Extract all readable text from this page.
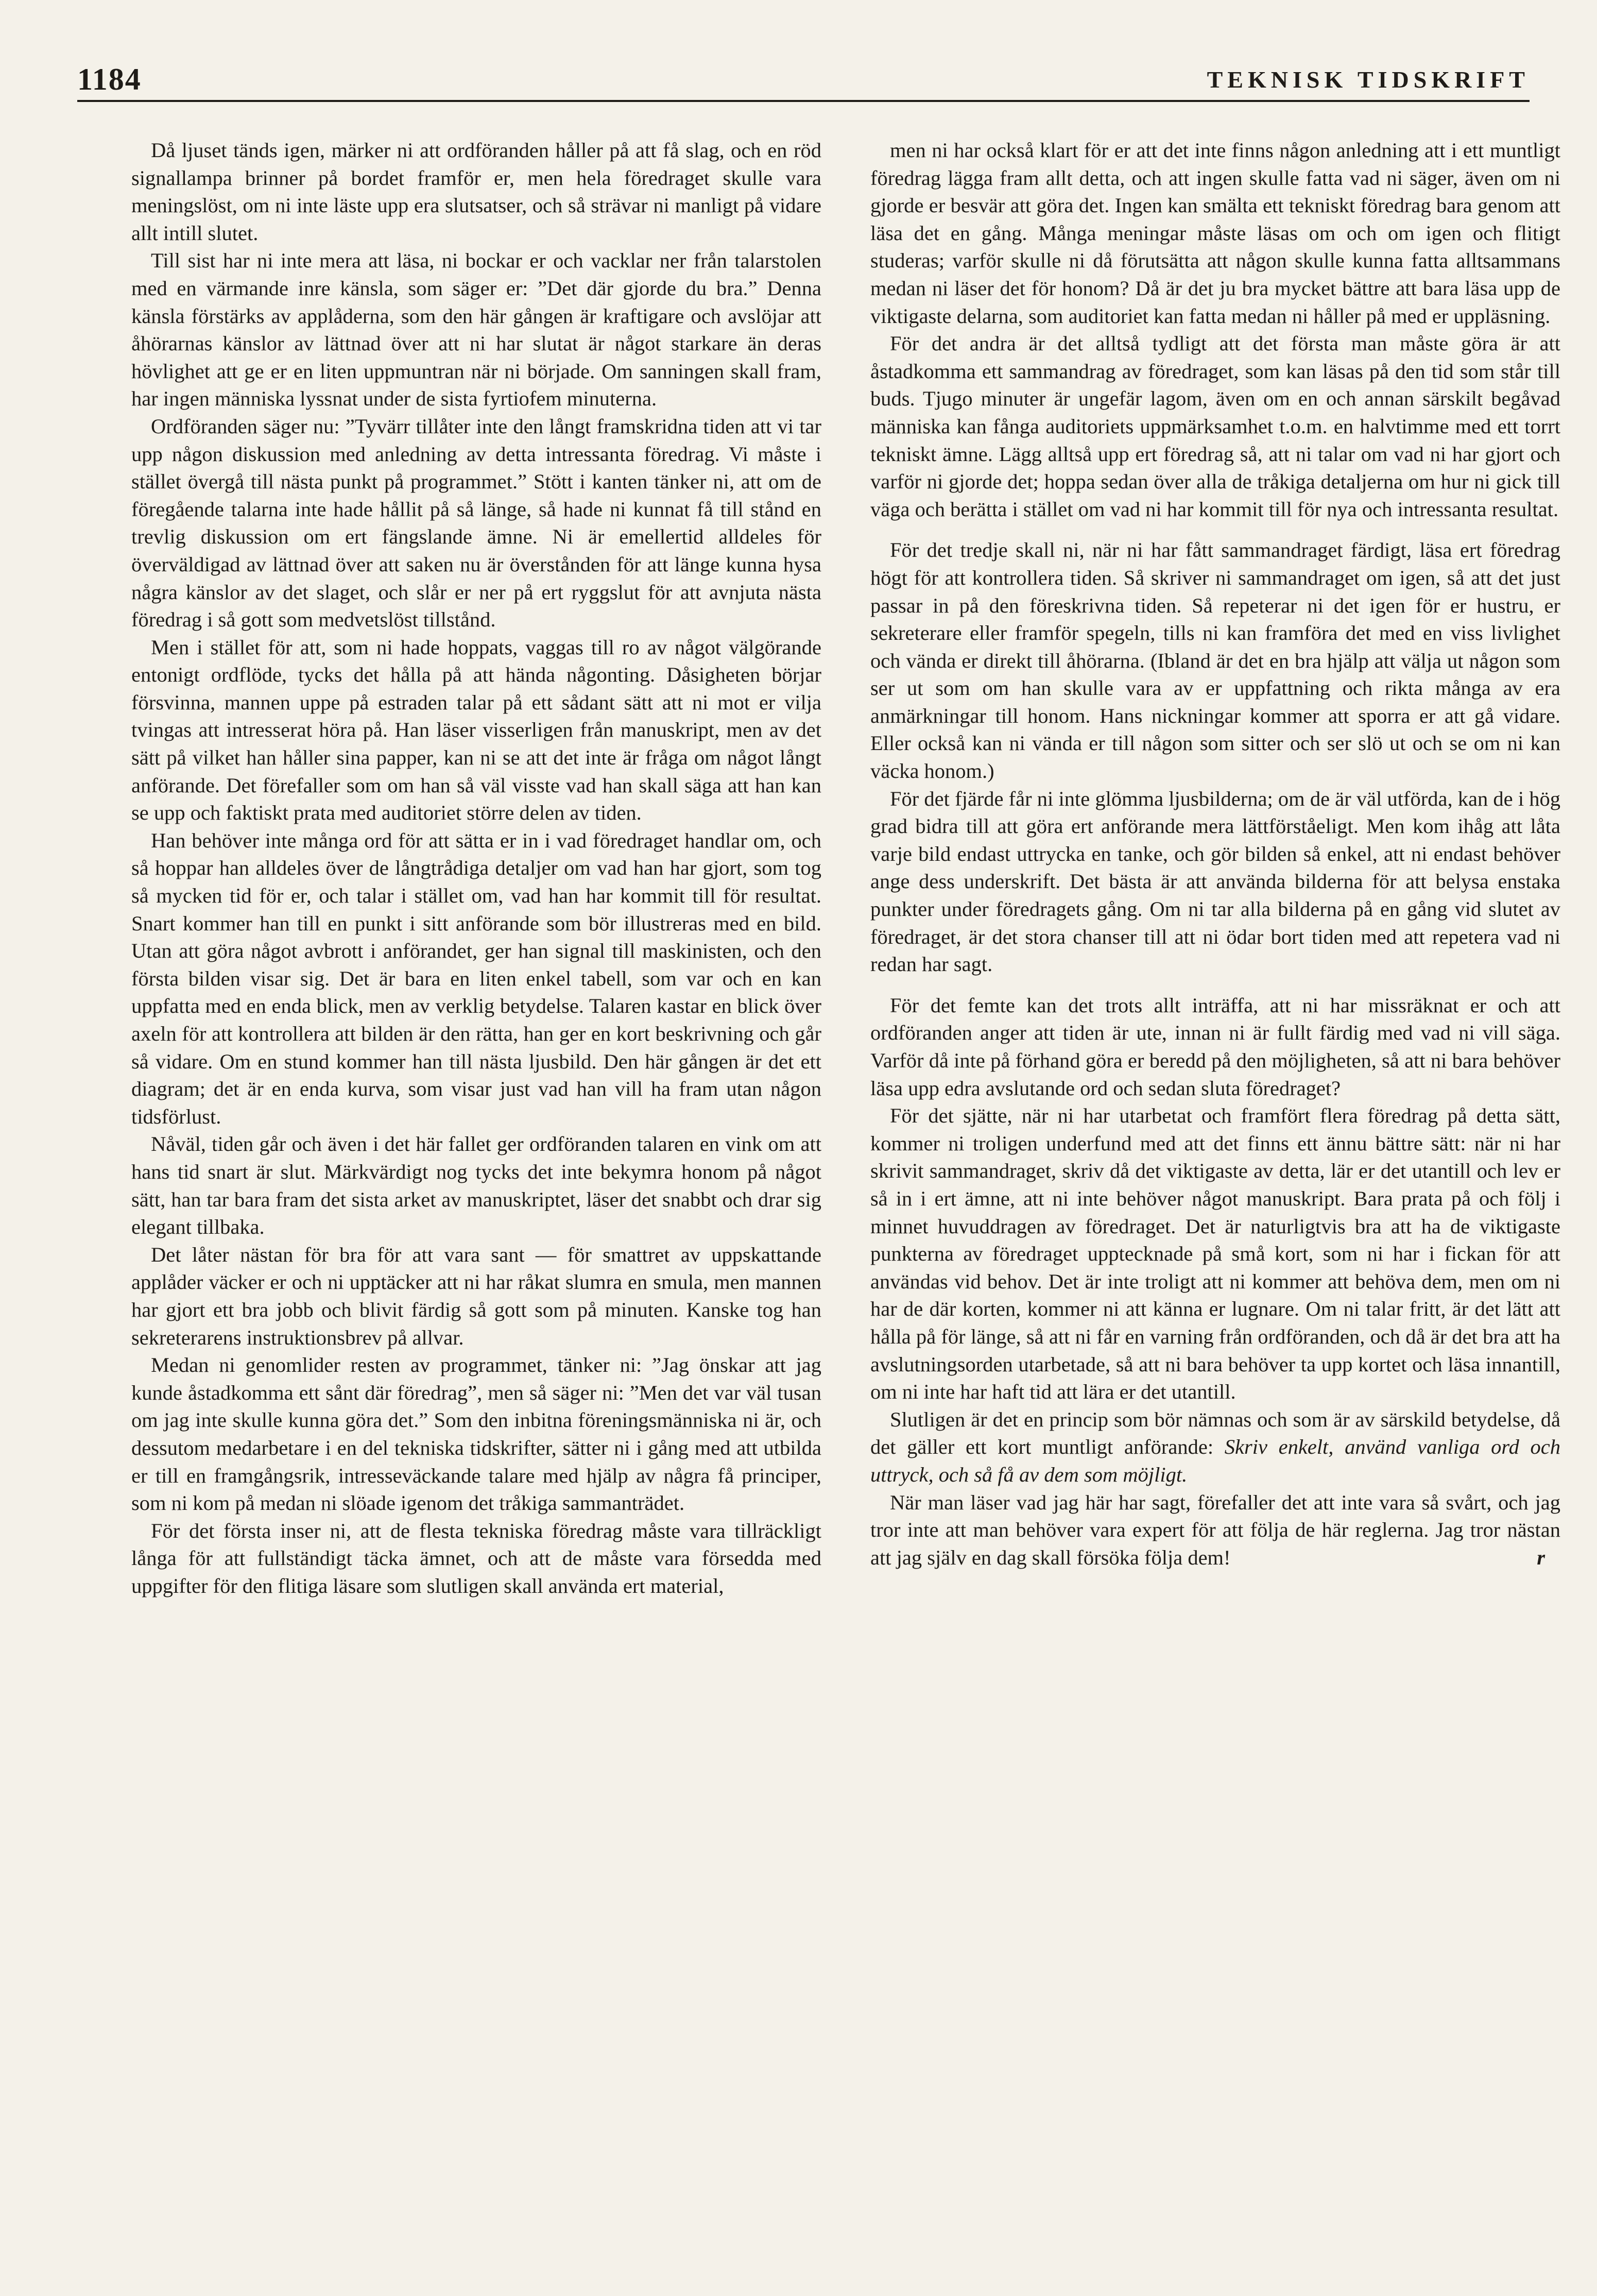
1184	TEKNISK TIDSKRIFT

Då ljuset tänds igen, märker ni att ordföranden håller på att få slag, och en röd signallampa brinner på bordet framför er, men hela föredraget skulle vara meningslöst, om ni inte läste upp era slutsatser, och så strävar ni manligt på vidare allt intill slutet.

Till sist har ni inte mera att läsa, ni bockar er och vacklar ner från talarstolen med en värmande inre känsla, som säger er: ”Det där gjorde du bra.” Denna känsla förstärks av applåderna, som den här gången är kraftigare och avslöjar att åhörarnas känslor av lättnad över att ni har slutat är något starkare än deras hövlighet att ge er en liten uppmuntran när ni började. Om sanningen skall fram, har ingen människa lyssnat under de sista fyrtiofem minuterna.

Ordföranden säger nu: ”Tyvärr tillåter inte den långt framskridna tiden att vi tar upp någon diskussion med anledning av detta intressanta föredrag. Vi måste i stället övergå till nästa punkt på programmet.” Stött i kanten tänker ni, att om de föregående talarna inte hade hållit på så länge, så hade ni kunnat få till stånd en trevlig diskussion om ert fängslande ämne. Ni är emellertid alldeles för överväldigad av lättnad över att saken nu är överstånden för att länge kunna hysa några känslor av det slaget, och slår er ner på ert ryggslut för att avnjuta nästa föredrag i så gott som medvetslöst tillstånd.

Men i stället för att, som ni hade hoppats, vaggas till ro av något välgörande entonigt ordflöde, tycks det hålla på att hända någonting. Dåsigheten börjar försvinna, mannen uppe på estraden talar på ett sådant sätt att ni mot er vilja tvingas att intresserat höra på. Han läser visserligen från manuskript, men av det sätt på vilket han håller sina papper, kan ni se att det inte är fråga om något långt anförande. Det förefaller som om han så väl visste vad han skall säga att han kan se upp och faktiskt prata med auditoriet större delen av tiden.

Han behöver inte många ord för att sätta er in i vad föredraget handlar om, och så hoppar han alldeles över de långtrådiga detaljer om vad han har gjort, som tog så mycken tid för er, och talar i stället om, vad han har kommit till för resultat. Snart kommer han till en punkt i sitt anförande som bör illustreras med en bild. Utan att göra något avbrott i anförandet, ger han signal till maskinisten, och den första bilden visar sig. Det är bara en liten enkel tabell, som var och en kan uppfatta med en enda blick, men av verklig betydelse. Talaren kastar en blick över axeln för att kontrollera att bilden är den rätta, han ger en kort beskrivning och går så vidare. Om en stund kommer han till nästa ljusbild. Den här gången är det ett diagram; det är en enda kurva, som visar just vad han vill ha fram utan någon tidsförlust.

Nåväl, tiden går och även i det här fallet ger ordföranden talaren en vink om att hans tid snart är slut. Märkvärdigt nog tycks det inte bekymra honom på något sätt, han tar bara fram det sista arket av manuskriptet, läser det snabbt och drar sig elegant tillbaka.

Det låter nästan för bra för att vara sant — för smattret av uppskattande applåder väcker er och ni upptäcker att ni har råkat slumra en smula, men mannen har gjort ett bra jobb och blivit färdig så gott som på minuten. Kanske tog han sekreterarens instruktionsbrev på allvar.

Medan ni genomlider resten av programmet, tänker ni: ”Jag önskar att jag kunde åstadkomma ett sånt där föredrag”, men så säger ni: ”Men det var väl tusan om jag inte skulle kunna göra det.” Som den inbitna föreningsmänniska ni är, och dessutom medarbetare i en del tekniska tidskrifter, sätter ni i gång med att utbilda er till en framgångsrik, intresseväckande talare med hjälp av några få principer, som ni kom på medan ni slöade igenom det tråkiga sammanträdet.

För det första inser ni, att de flesta tekniska föredrag måste vara tillräckligt långa för att fullständigt täcka ämnet, och att de måste vara försedda med uppgifter för den flitiga läsare som slutligen skall använda ert material,

men ni har också klart för er att det inte finns någon anledning att i ett muntligt föredrag lägga fram allt detta, och att ingen skulle fatta vad ni säger, även om ni gjorde er besvär att göra det. Ingen kan smälta ett tekniskt föredrag bara genom att läsa det en gång. Många meningar måste läsas om och om igen och flitigt studeras; varför skulle ni då förutsätta att någon skulle kunna fatta alltsammans medan ni läser det för honom? Då är det ju bra mycket bättre att bara läsa upp de viktigaste delarna, som auditoriet kan fatta medan ni håller på med er uppläsning.

För det andra är det alltså tydligt att det första man måste göra är att åstadkomma ett sammandrag av föredraget, som kan läsas på den tid som står till buds. Tjugo minuter är ungefär lagom, även om en och annan särskilt begåvad människa kan fånga auditoriets uppmärksamhet t.o.m. en halvtimme med ett torrt tekniskt ämne. Lägg alltså upp ert föredrag så, att ni talar om vad ni har gjort och varför ni gjorde det; hoppa sedan över alla de tråkiga detaljerna om hur ni gick till väga och berätta i stället om vad ni har kommit till för nya och intressanta resultat.

För det tredje skall ni, när ni har fått sammandraget färdigt, läsa ert föredrag högt för att kontrollera tiden. Så skriver ni sammandraget om igen, så att det just passar in på den föreskrivna tiden. Så repeterar ni det igen för er hustru, er sekreterare eller framför spegeln, tills ni kan framföra det med en viss livlighet och vända er direkt till åhörarna. (Ibland är det en bra hjälp att välja ut någon som ser ut som om han skulle vara av er uppfattning och rikta många av era anmärkningar till honom. Hans nickningar kommer att sporra er att gå vidare. Eller också kan ni vända er till någon som sitter och ser slö ut och se om ni kan väcka honom.)

För det fjärde får ni inte glömma ljusbilderna; om de är väl utförda, kan de i hög grad bidra till att göra ert anförande mera lättförståeligt. Men kom ihåg att låta varje bild endast uttrycka en tanke, och gör bilden så enkel, att ni endast behöver ange dess underskrift. Det bästa är att använda bilderna för att belysa enstaka punkter under föredragets gång. Om ni tar alla bilderna på en gång vid slutet av föredraget, är det stora chanser till att ni ödar bort tiden med att repetera vad ni redan har sagt.

För det femte kan det trots allt inträffa, att ni har missräknat er och att ordföranden anger att tiden är ute, innan ni är fullt färdig med vad ni vill säga. Varför då inte på förhand göra er beredd på den möjligheten, så att ni bara behöver läsa upp edra avslutande ord och sedan sluta föredraget?

För det sjätte, när ni har utarbetat och framfört flera föredrag på detta sätt, kommer ni troligen underfund med att det finns ett ännu bättre sätt: när ni har skrivit sammandraget, skriv då det viktigaste av detta, lär er det utantill och lev er så in i ert ämne, att ni inte behöver något manuskript. Bara prata på och följ i minnet huvuddragen av föredraget. Det är naturligtvis bra att ha de viktigaste punkterna av föredraget upptecknade på små kort, som ni har i fickan för att användas vid behov. Det är inte troligt att ni kommer att behöva dem, men om ni har de där korten, kommer ni att känna er lugnare. Om ni talar fritt, är det lätt att hålla på för länge, så att ni får en varning från ordföranden, och då är det bra att ha avslutningsorden utarbetade, så att ni bara behöver ta upp kortet och läsa innantill, om ni inte har haft tid att lära er det utantill.

Slutligen är det en princip som bör nämnas och som är av särskild betydelse, då det gäller ett kort muntligt anförande: Skriv enkelt, använd vanliga ord och uttryck, och så få av dem som möjligt.

När man läser vad jag här har sagt, förefaller det att inte vara så svårt, och jag tror inte att man behöver vara expert för att följa de här reglerna. Jag tror nästan att jag själv en dag skall försöka följa dem!	r
